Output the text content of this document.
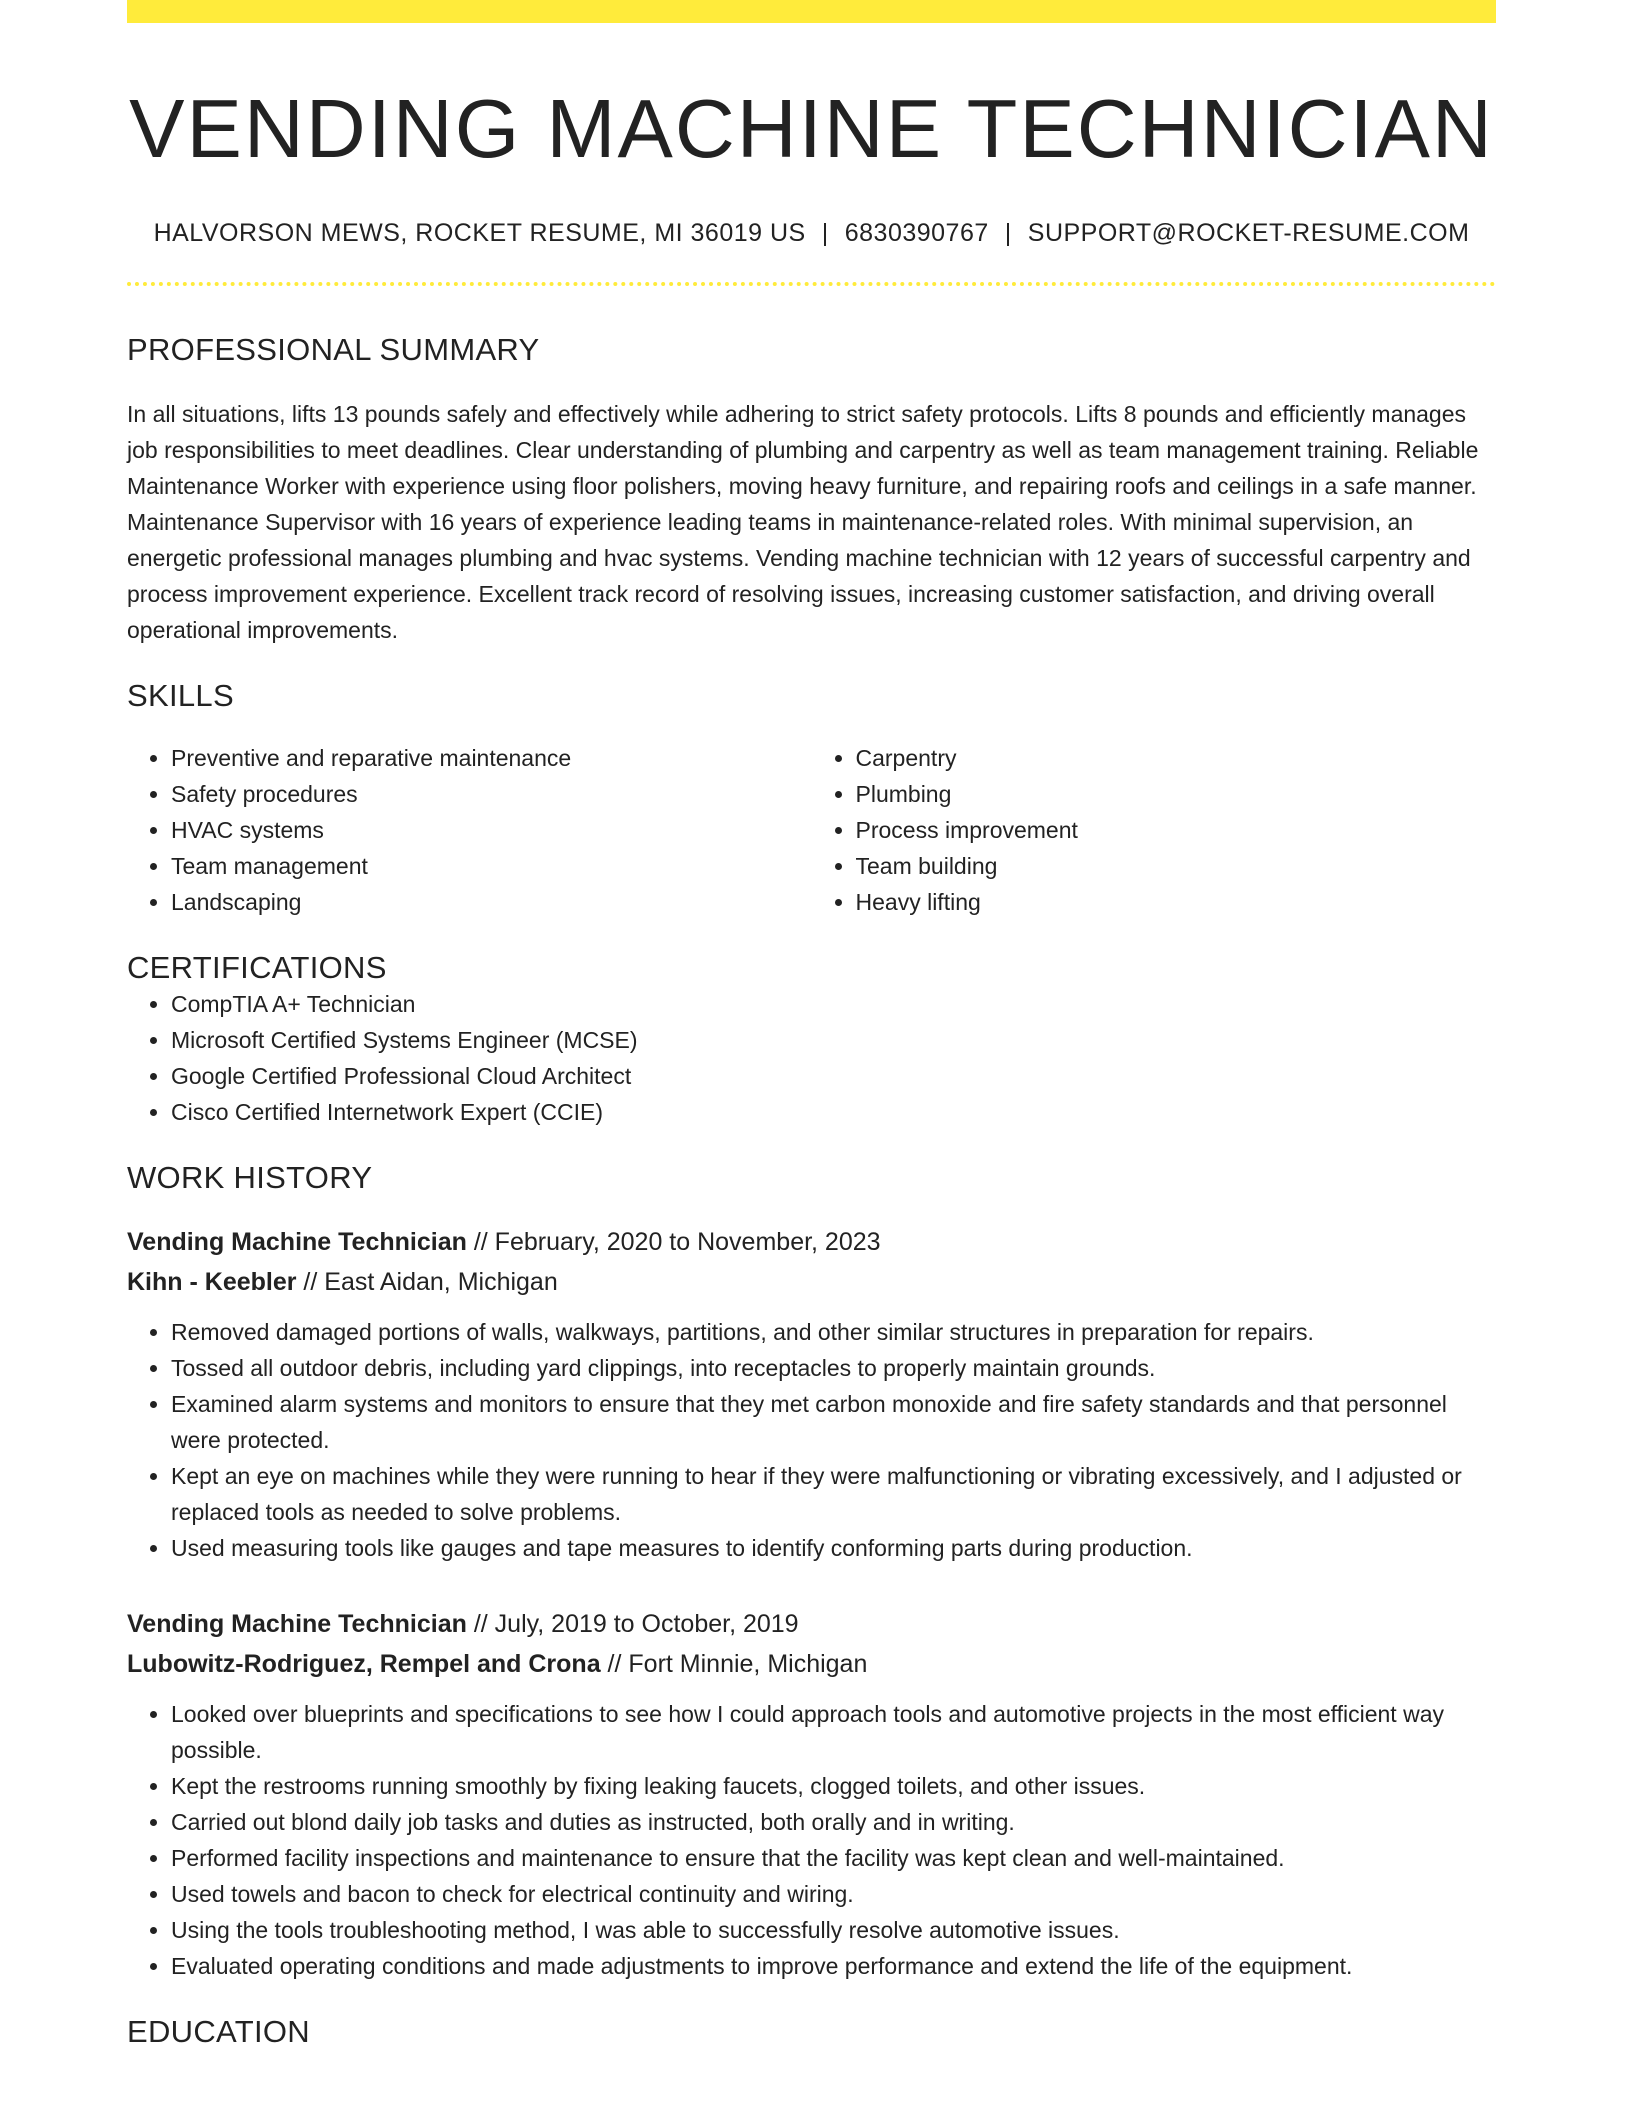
VENDING MACHINE TECHNICIAN
HALVORSON MEWS, ROCKET RESUME, MI 36019 US | 6830390767 | SUPPORT@ROCKET-RESUME.COM
PROFESSIONAL SUMMARY
In all situations, lifts 13 pounds safely and effectively while adhering to strict safety protocols. Lifts 8 pounds and efficiently manages job responsibilities to meet deadlines. Clear understanding of plumbing and carpentry as well as team management training. Reliable Maintenance Worker with experience using floor polishers, moving heavy furniture, and repairing roofs and ceilings in a safe manner. Maintenance Supervisor with 16 years of experience leading teams in maintenance-related roles. With minimal supervision, an energetic professional manages plumbing and hvac systems. Vending machine technician with 12 years of successful carpentry and process improvement experience. Excellent track record of resolving issues, increasing customer satisfaction, and driving overall operational improvements.
SKILLS
• Preventive and reparative maintenance
• Safety procedures
• HVAC systems
• Team management
• Landscaping
• Carpentry
• Plumbing
• Process improvement
• Team building
• Heavy lifting
CERTIFICATIONS
• CompTIA A+ Technician
• Microsoft Certified Systems Engineer (MCSE)
• Google Certified Professional Cloud Architect
• Cisco Certified Internetwork Expert (CCIE)
WORK HISTORY
Vending Machine Technician // February, 2020 to November, 2023
Kihn - Keebler // East Aidan, Michigan
• Removed damaged portions of walls, walkways, partitions, and other similar structures in preparation for repairs.
• Tossed all outdoor debris, including yard clippings, into receptacles to properly maintain grounds.
• Examined alarm systems and monitors to ensure that they met carbon monoxide and fire safety standards and that personnel were protected.
• Kept an eye on machines while they were running to hear if they were malfunctioning or vibrating excessively, and I adjusted or replaced tools as needed to solve problems.
• Used measuring tools like gauges and tape measures to identify conforming parts during production.
Vending Machine Technician // July, 2019 to October, 2019
Lubowitz-Rodriguez, Rempel and Crona // Fort Minnie, Michigan
• Looked over blueprints and specifications to see how I could approach tools and automotive projects in the most efficient way possible.
• Kept the restrooms running smoothly by fixing leaking faucets, clogged toilets, and other issues.
• Carried out blond daily job tasks and duties as instructed, both orally and in writing.
• Performed facility inspections and maintenance to ensure that the facility was kept clean and well-maintained.
• Used towels and bacon to check for electrical continuity and wiring.
• Using the tools troubleshooting method, I was able to successfully resolve automotive issues.
• Evaluated operating conditions and made adjustments to improve performance and extend the life of the equipment.
EDUCATION
